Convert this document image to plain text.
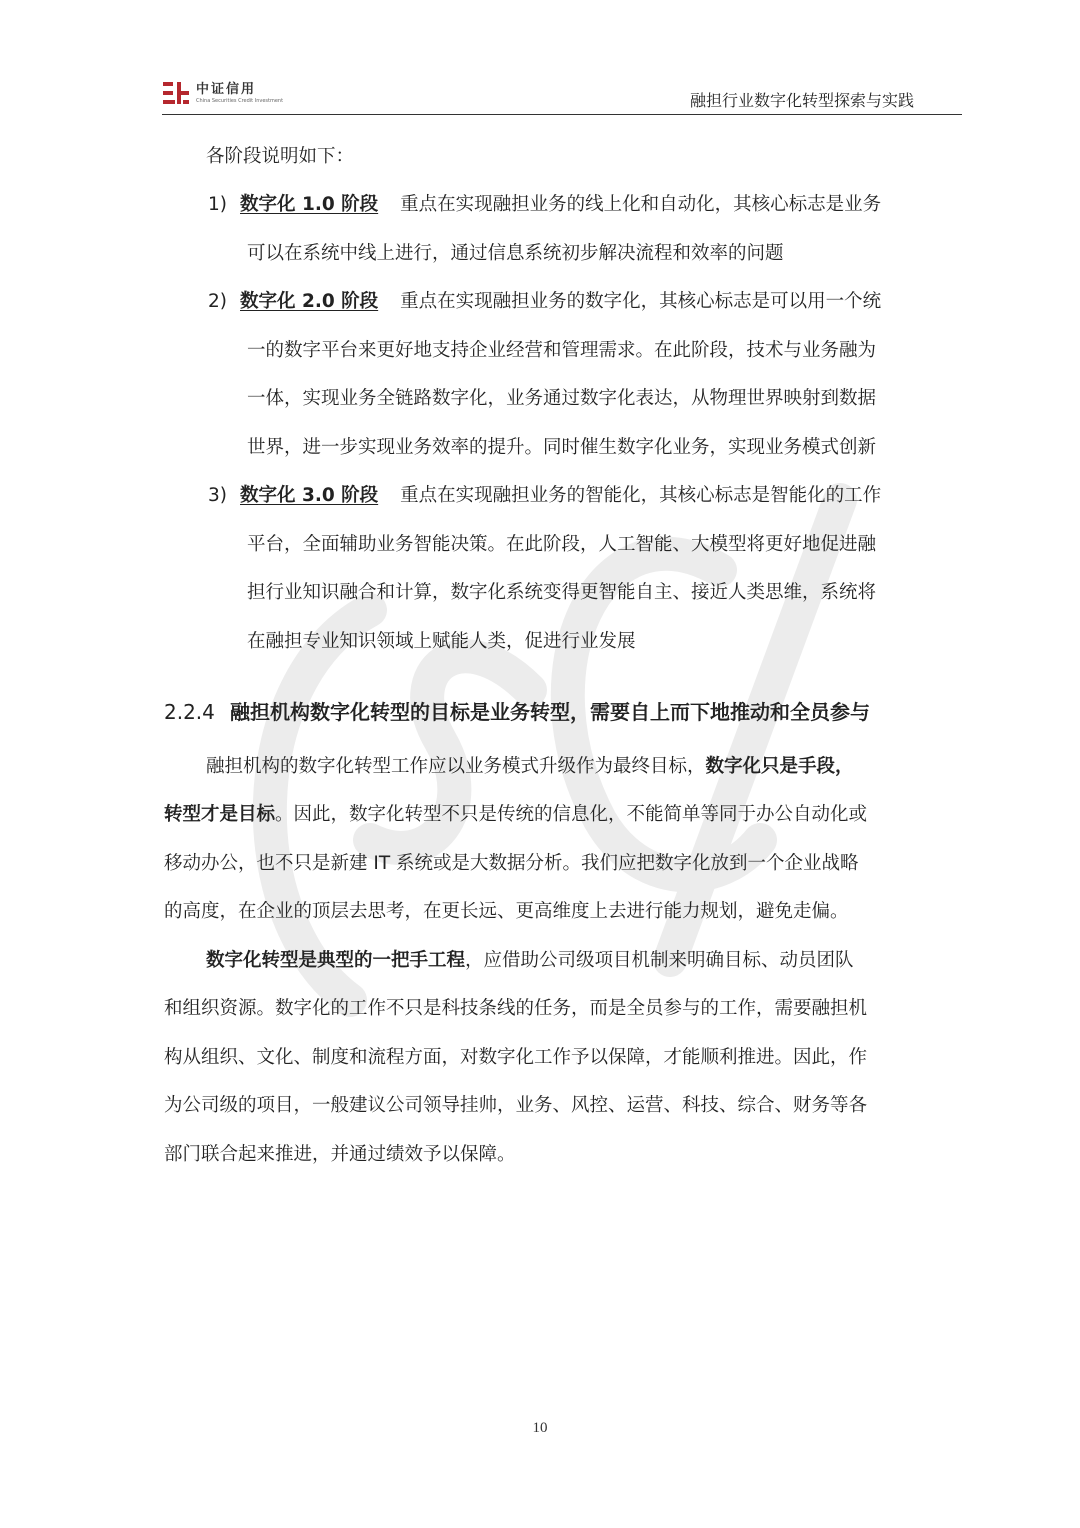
中证信用
China Securities Credit Investment	融担行业数字化转型探索与实践
各阶段说明如下：
1) 数字化 1.0 阶段 重点在实现融担业务的线上化和自动化，其核心标志是业务
可以在系统中线上进行，通过信息系统初步解决流程和效率的问题
2) 数字化 2.0 阶段 重点在实现融担业务的数字化，其核心标志是可以用一个统
一的数字平台来更好地支持企业经营和管理需求。在此阶段，技术与业务融为
一体，实现业务全链路数字化，业务通过数字化表达，从物理世界映射到数据
世界，进一步实现业务效率的提升。同时催生数字化业务，实现业务模式创新
3) 数字化 3.0 阶段 重点在实现融担业务的智能化，其核心标志是智能化的工作
平台，全面辅助业务智能决策。在此阶段，人工智能、大模型将更好地促进融
担行业知识融合和计算，数字化系统变得更智能自主、接近人类思维，系统将
在融担专业知识领域上赋能人类，促进行业发展
2.2.4 融担机构数字化转型的目标是业务转型，需要自上而下地推动和全员参与
融担机构的数字化转型工作应以业务模式升级作为最终目标，数字化只是手段，
转型才是目标。因此，数字化转型不只是传统的信息化，不能简单等同于办公自动化或
移动办公，也不只是新建 IT 系统或是大数据分析。我们应把数字化放到一个企业战略
的高度，在企业的顶层去思考，在更长远、更高维度上去进行能力规划，避免走偏。
数字化转型是典型的一把手工程，应借助公司级项目机制来明确目标、动员团队
和组织资源。数字化的工作不只是科技条线的任务，而是全员参与的工作，需要融担机
构从组织、文化、制度和流程方面，对数字化工作予以保障，才能顺利推进。因此，作
为公司级的项目，一般建议公司领导挂帅，业务、风控、运营、科技、综合、财务等各
部门联合起来推进，并通过绩效予以保障。
10
